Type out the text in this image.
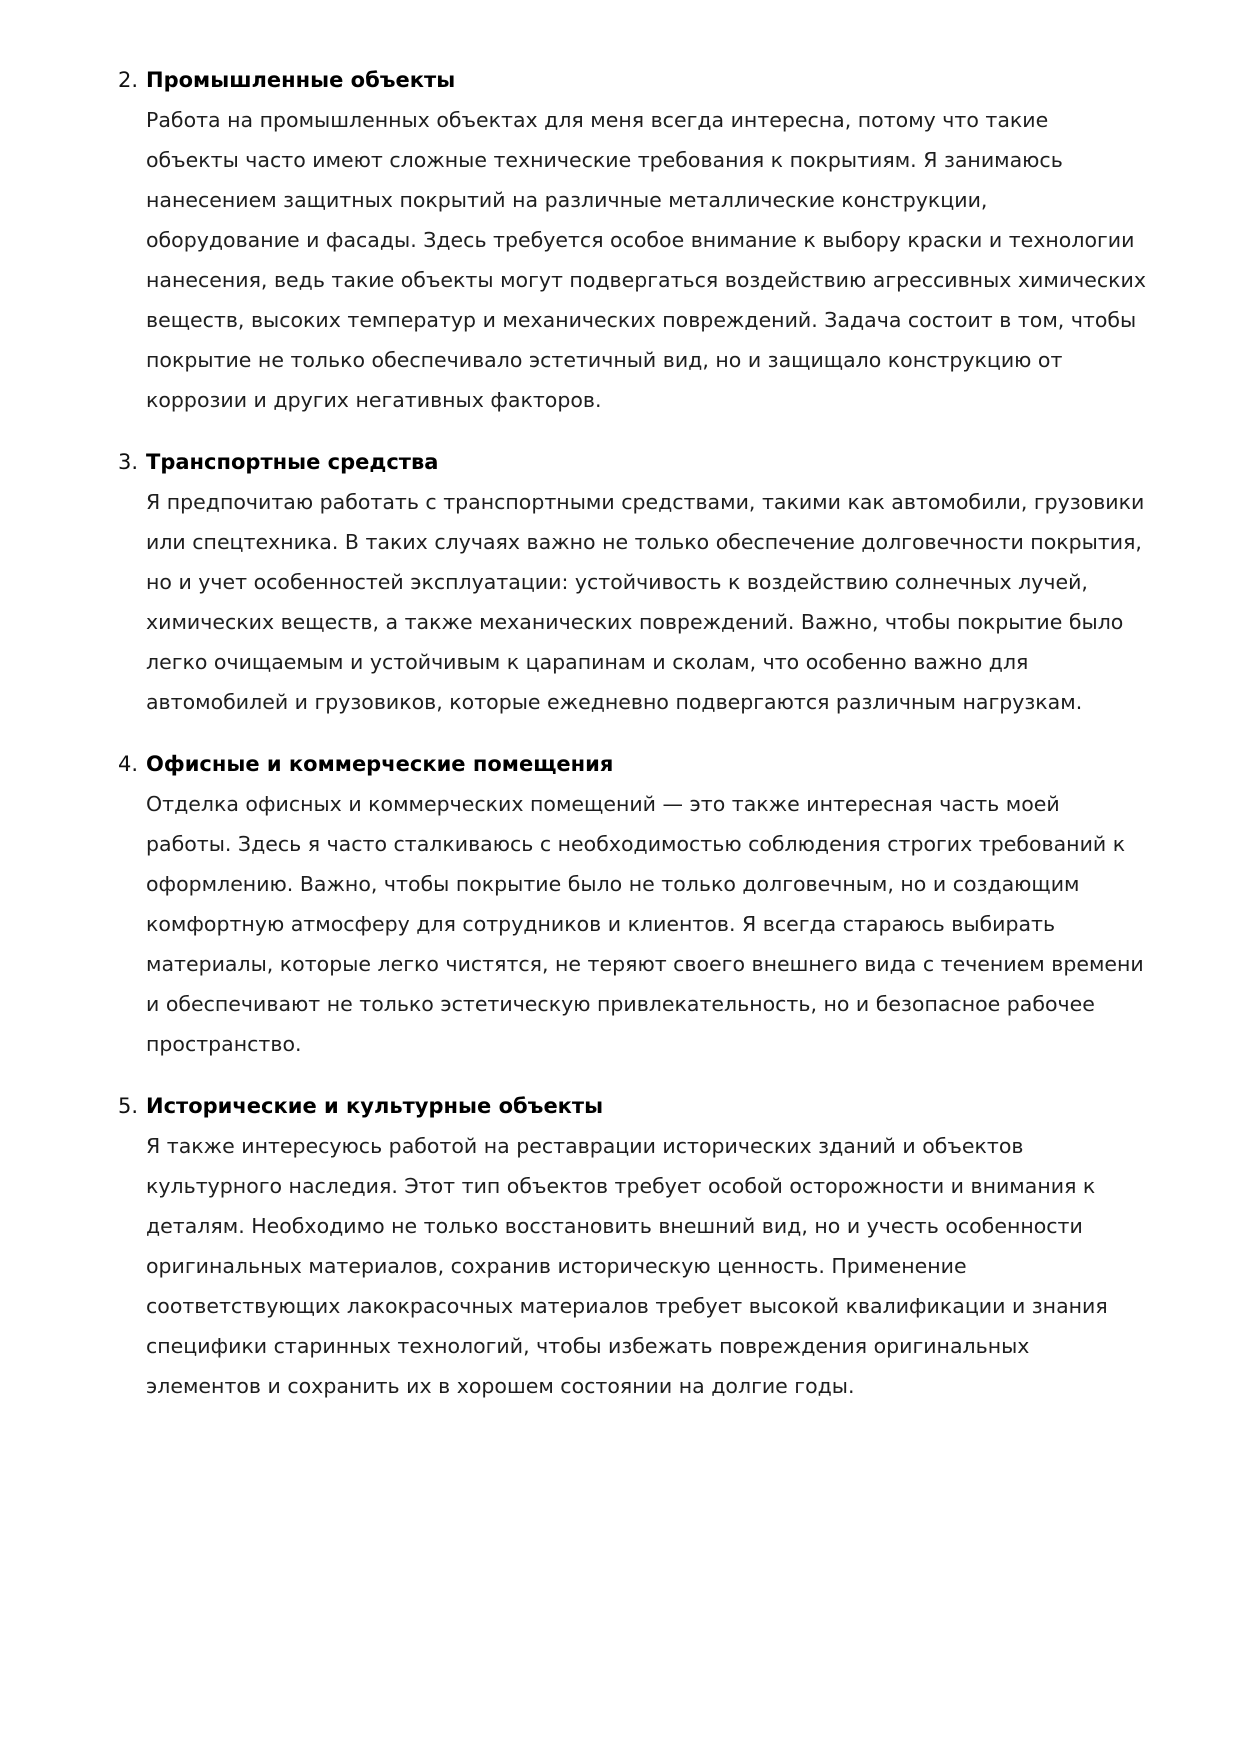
2. Промышленные объекты

Работа на промышленных объектах для меня всегда интересна, потому что такие объекты часто имеют сложные технические требования к покрытиям. Я занимаюсь нанесением защитных покрытий на различные металлические конструкции, оборудование и фасады. Здесь требуется особое внимание к выбору краски и технологии нанесения, ведь такие объекты могут подвергаться воздействию агрессивных химических веществ, высоких температур и механических повреждений. Задача состоит в том, чтобы покрытие не только обеспечивало эстетичный вид, но и защищало конструкцию от коррозии и других негативных факторов.

3. Транспортные средства

Я предпочитаю работать с транспортными средствами, такими как автомобили, грузовики или спецтехника. В таких случаях важно не только обеспечение долговечности покрытия, но и учет особенностей эксплуатации: устойчивость к воздействию солнечных лучей, химических веществ, а также механических повреждений. Важно, чтобы покрытие было легко очищаемым и устойчивым к царапинам и сколам, что особенно важно для автомобилей и грузовиков, которые ежедневно подвергаются различным нагрузкам.

4. Офисные и коммерческие помещения

Отделка офисных и коммерческих помещений — это также интересная часть моей работы. Здесь я часто сталкиваюсь с необходимостью соблюдения строгих требований к оформлению. Важно, чтобы покрытие было не только долговечным, но и создающим комфортную атмосферу для сотрудников и клиентов. Я всегда стараюсь выбирать материалы, которые легко чистятся, не теряют своего внешнего вида с течением времени и обеспечивают не только эстетическую привлекательность, но и безопасное рабочее пространство.

5. Исторические и культурные объекты

Я также интересуюсь работой на реставрации исторических зданий и объектов культурного наследия. Этот тип объектов требует особой осторожности и внимания к деталям. Необходимо не только восстановить внешний вид, но и учесть особенности оригинальных материалов, сохранив историческую ценность. Применение соответствующих лакокрасочных материалов требует высокой квалификации и знания специфики старинных технологий, чтобы избежать повреждения оригинальных элементов и сохранить их в хорошем состоянии на долгие годы.
